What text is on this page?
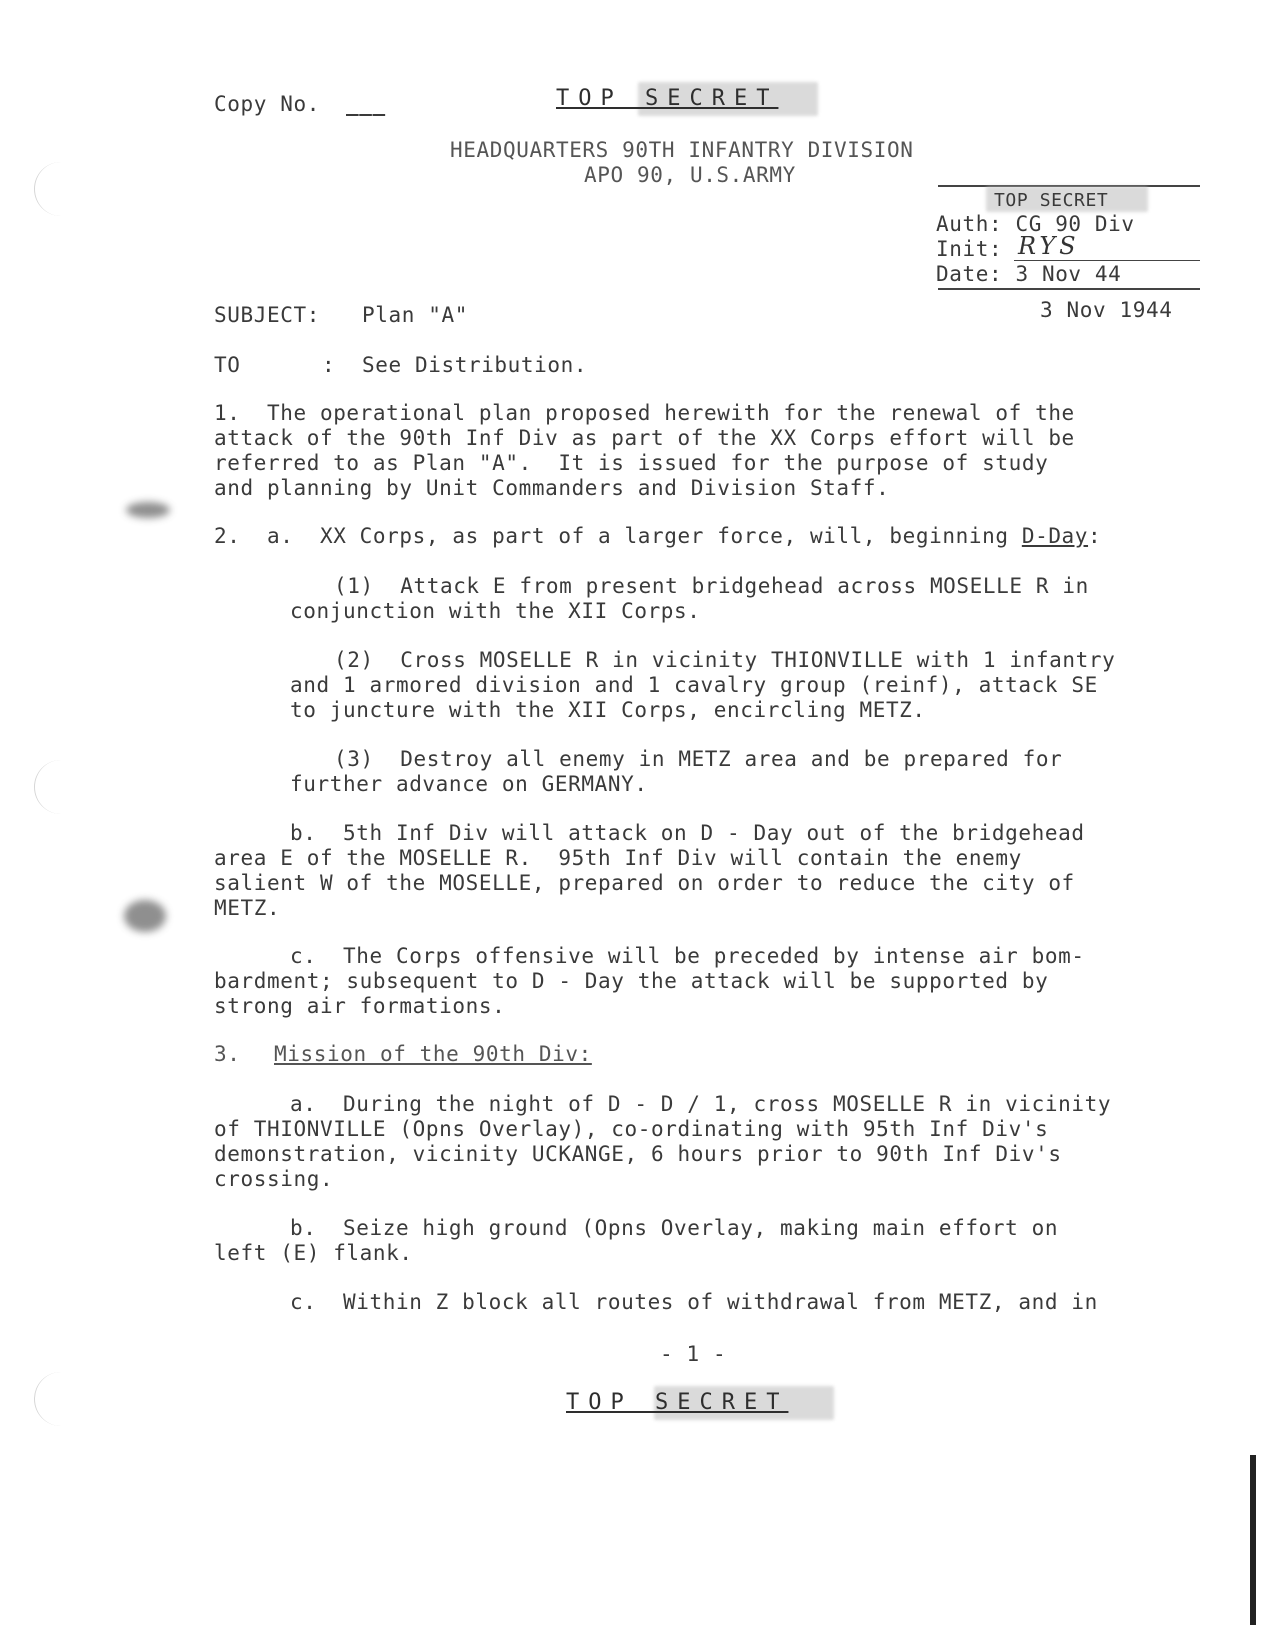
Copy No. ___	TOP SECRET
HEADQUARTERS 90TH INFANTRY DIVISION
APO 90, U.S.ARMY
TOP SECRET
Auth: CG 90 Div
Init: RYS
Date: 3 Nov 44
3 Nov 1944
SUBJECT: Plan "A"
TO	: See Distribution.
1.  The operational plan proposed herewith for the renewal of the
attack of the 90th Inf Div as part of the XX Corps effort will be
referred to as Plan "A".  It is issued for the purpose of study
and planning by Unit Commanders and Division Staff.
2.  a.  XX Corps, as part of a larger force, will, beginning D-Day:
(1)  Attack E from present bridgehead across MOSELLE R in
conjunction with the XII Corps.
(2)  Cross MOSELLE R in vicinity THIONVILLE with 1 infantry
and 1 armored division and 1 cavalry group (reinf), attack SE
to juncture with the XII Corps, encircling METZ.
(3)  Destroy all enemy in METZ area and be prepared for
further advance on GERMANY.
b.  5th Inf Div will attack on D - Day out of the bridgehead
area E of the MOSELLE R.  95th Inf Div will contain the enemy
salient W of the MOSELLE, prepared on order to reduce the city of
METZ.
c.  The Corps offensive will be preceded by intense air bom-
bardment; subsequent to D - Day the attack will be supported by
strong air formations.
3. Mission of the 90th Div:
a.  During the night of D - D / 1, cross MOSELLE R in vicinity
of THIONVILLE (Opns Overlay), co-ordinating with 95th Inf Div's
demonstration, vicinity UCKANGE, 6 hours prior to 90th Inf Div's
crossing.
b.  Seize high ground (Opns Overlay, making main effort on
left (E) flank.
c.  Within Z block all routes of withdrawal from METZ, and in
- 1 -
TOP SECRET
